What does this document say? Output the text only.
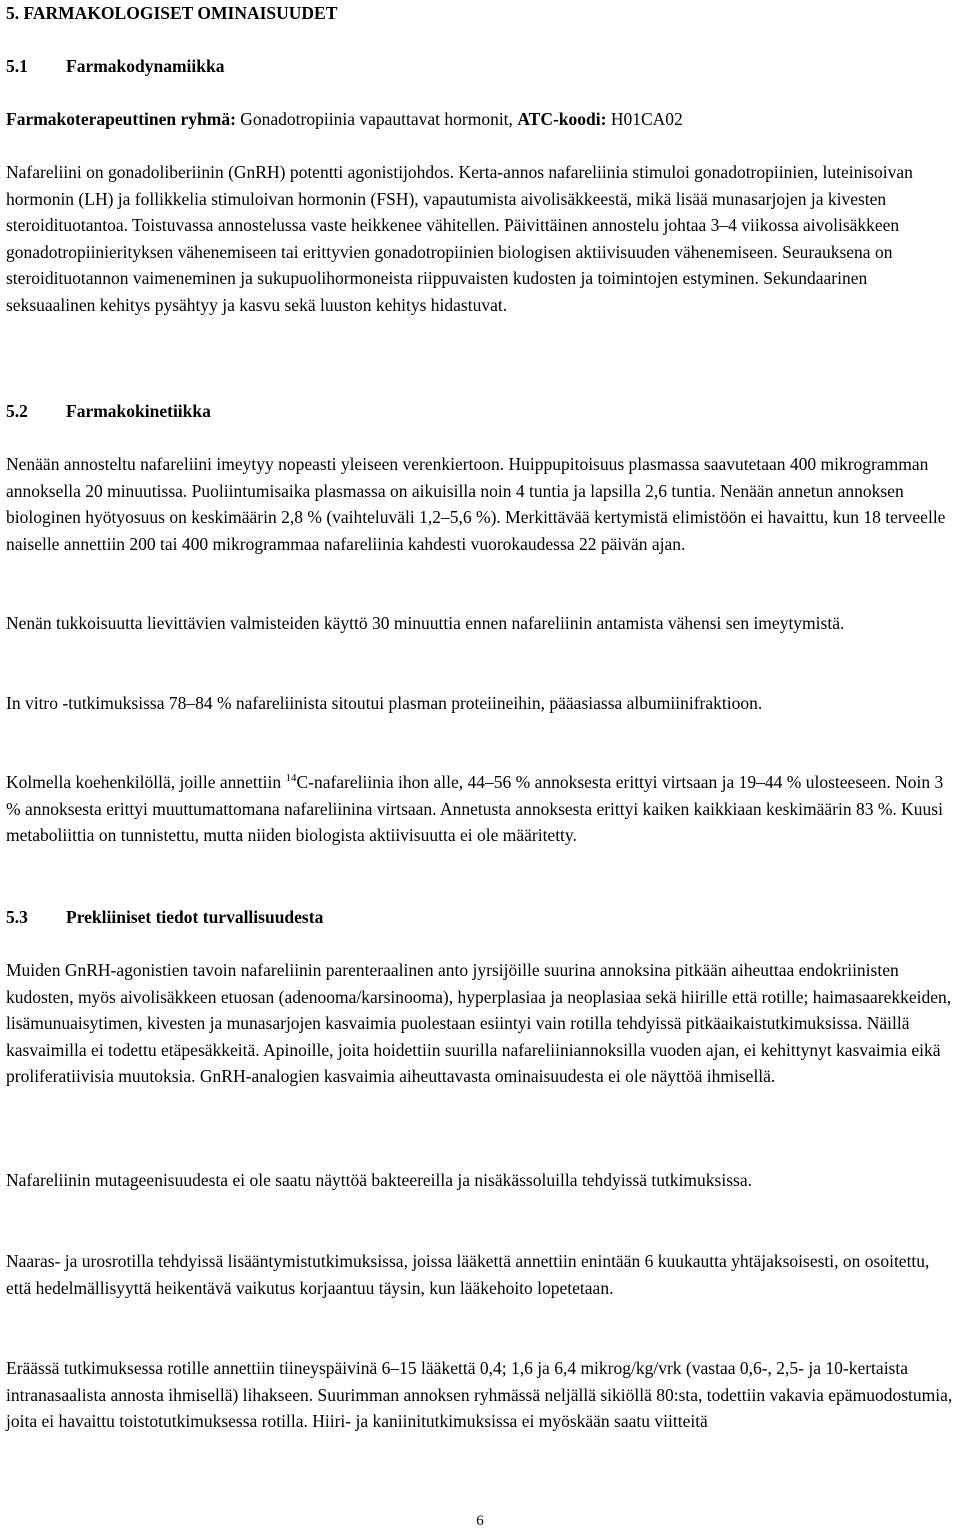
5. FARMAKOLOGISET OMINAISUUDET
5.1 Farmakodynamiikka

Farmakoterapeuttinen ryhmä: Gonadotropiinia vapauttavat hormonit, ATC-koodi: H01CA02

Nafareliini on gonadoliberiinin (GnRH) potentti agonistijohdos. Kerta-annos nafareliinia stimuloi gonadotropiinien, luteinisoivan hormonin (LH) ja follikkelia stimuloivan hormonin (FSH), vapautumista aivolisäkkeestä, mikä lisää munasarjojen ja kivesten steroidituotantoa. Toistuvassa annostelussa vaste heikkenee vähitellen. Päivittäinen annostelu johtaa 3–4 viikossa aivolisäkkeen gonadotropiinierityksen vähenemiseen tai erittyvien gonadotropiinien biologisen aktiivisuuden vähenemiseen. Seurauksena on steroidituotannon vaimeneminen ja sukupuolihormoneista riippuvaisten kudosten ja toimintojen estyminen. Sekundaarinen seksuaalinen kehitys pysähtyy ja kasvu sekä luuston kehitys hidastuvat.

5.2 Farmakokinetiikka

Nenään annosteltu nafareliini imeytyy nopeasti yleiseen verenkiertoon. Huippupitoisuus plasmassa saavutetaan 400 mikrogramman annoksella 20 minuutissa. Puoliintumisaika plasmassa on aikuisilla noin 4 tuntia ja lapsilla 2,6 tuntia. Nenään annetun annoksen biologinen hyötyosuus on keskimäärin 2,8 % (vaihteluväli 1,2–5,6 %). Merkittävää kertymistä elimistöön ei havaittu, kun 18 terveelle naiselle annettiin 200 tai 400 mikrogrammaa nafareliinia kahdesti vuorokaudessa 22 päivän ajan.

Nenän tukkoisuutta lievittävien valmisteiden käyttö 30 minuuttia ennen nafareliinin antamista vähensi sen imeytymistä.

In vitro -tutkimuksissa 78–84 % nafareliinista sitoutui plasman proteiineihin, pääasiassa albumiinifraktioon.

Kolmella koehenkilöllä, joille annettiin $^{14}$C-nafareliinia ihon alle, 44–56 % annoksesta erittyi virtsaan ja 19–44 % ulosteeseen. Noin 3 % annoksesta erittyi muuttumattomana nafareliinina virtsaan. Annetusta annoksesta erittyi kaiken kaikkiaan keskimäärin 83 %. Kuusi metaboliittia on tunnistettu, mutta niiden biologista aktiivisuutta ei ole määritetty.

5.3 Prekliiniset tiedot turvallisuudesta

Muiden GnRH-agonistien tavoin nafareliinin parenteraalinen anto jyrsijöille suurina annoksina pitkään aiheuttaa endokriinisten kudosten, myös aivolisäkkeen etuosan (adenooma/karsinooma), hyperplasiaa ja neoplasiaa sekä hiirille että rotille; haimasaarekkeiden, lisämunuaisytimen, kivesten ja munasarjojen kasvaimia puolestaan esiintyi vain rotilla tehdyissä pitkäaikaistutkimuksissa. Näillä kasvaimilla ei todettu etäpesäkkeitä. Apinoille, joita hoidettiin suurilla nafareliiniannoksilla vuoden ajan, ei kehittynyt kasvaimia eikä proliferatiivisia muutoksia. GnRH-analogien kasvaimia aiheuttavasta ominaisuudesta ei ole näyttöä ihmisellä.

Nafareliinin mutageenisuudesta ei ole saatu näyttöä bakteereilla ja nisäkässoluilla tehdyissä tutkimuksissa.

Naaras- ja urosrotilla tehdyissä lisääntymistutkimuksissa, joissa lääkettä annettiin enintään 6 kuukautta yhtäjaksoisesti, on osoitettu, että hedelmällisyyttä heikentävä vaikutus korjaantuu täysin, kun lääkehoito lopetetaan.

Eräässä tutkimuksessa rotille annettiin tiineyspäivinä 6–15 lääkettä 0,4; 1,6 ja 6,4 mikrog/kg/vrk (vastaa 0,6-, 2,5- ja 10-kertaista intranasaalista annosta ihmisellä) lihakseen. Suurimman annoksen ryhmässä neljällä sikiöllä 80:sta, todettiin vakavia epämuodostumia, joita ei havaittu toistotutkimuksessa rotilla. Hiiri- ja kaniinitutkimuksissa ei myöskään saatu viitteitä

6
